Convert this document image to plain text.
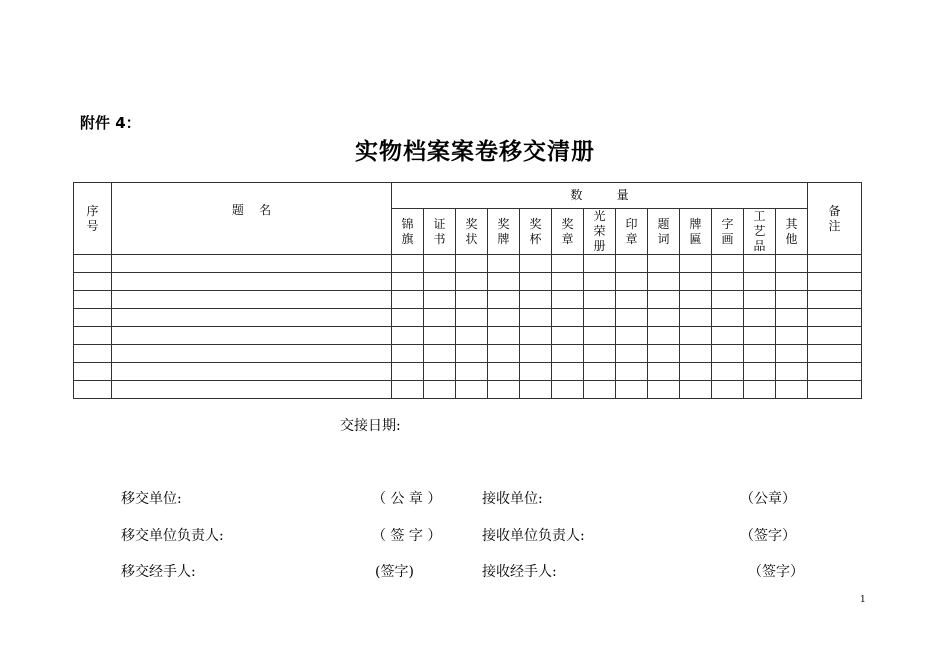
附件 4：
实物档案案卷移交清册
序号	题    名	数         量													备注
		锦旗	证书	奖状	奖牌	奖杯	奖章	光荣册	印章	题词	牌匾	字画	工艺品	其他	

交接日期:
移交单位:	（ 公 章 ）	接收单位:	（公章）
移交单位负责人:	（ 签 字 ）	接收单位负责人:	（签字）
移交经手人:	(签字)	接收经手人:	（签字）
1
